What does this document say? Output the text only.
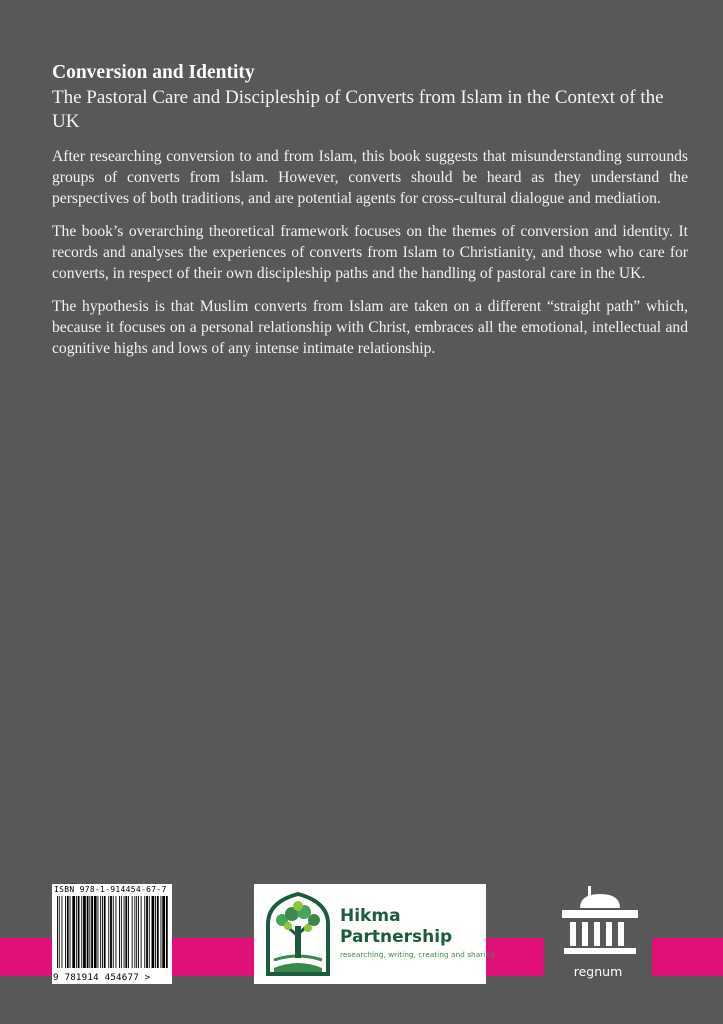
Conversion and Identity

The Pastoral Care and Discipleship of Converts from Islam in the Context of the UK

After researching conversion to and from Islam, this book suggests that misunderstanding surrounds groups of converts from Islam. However, converts should be heard as they understand the perspectives of both traditions, and are potential agents for cross-cultural dialogue and mediation.

The book’s overarching theoretical framework focuses on the themes of conversion and identity. It records and analyses the experiences of converts from Islam to Christianity, and those who care for converts, in respect of their own discipleship paths and the handling of pastoral care in the UK.

The hypothesis is that Muslim converts from Islam are taken on a different “straight path” which, because it focuses on a personal relationship with Christ, embraces all the emotional, intellectual and cognitive highs and lows of any intense intimate relationship.

ISBN 978-1-914454-67-7
9 781914 454677 >

Hikma
Partnership

researching, writing, creating and sharing
regnum
